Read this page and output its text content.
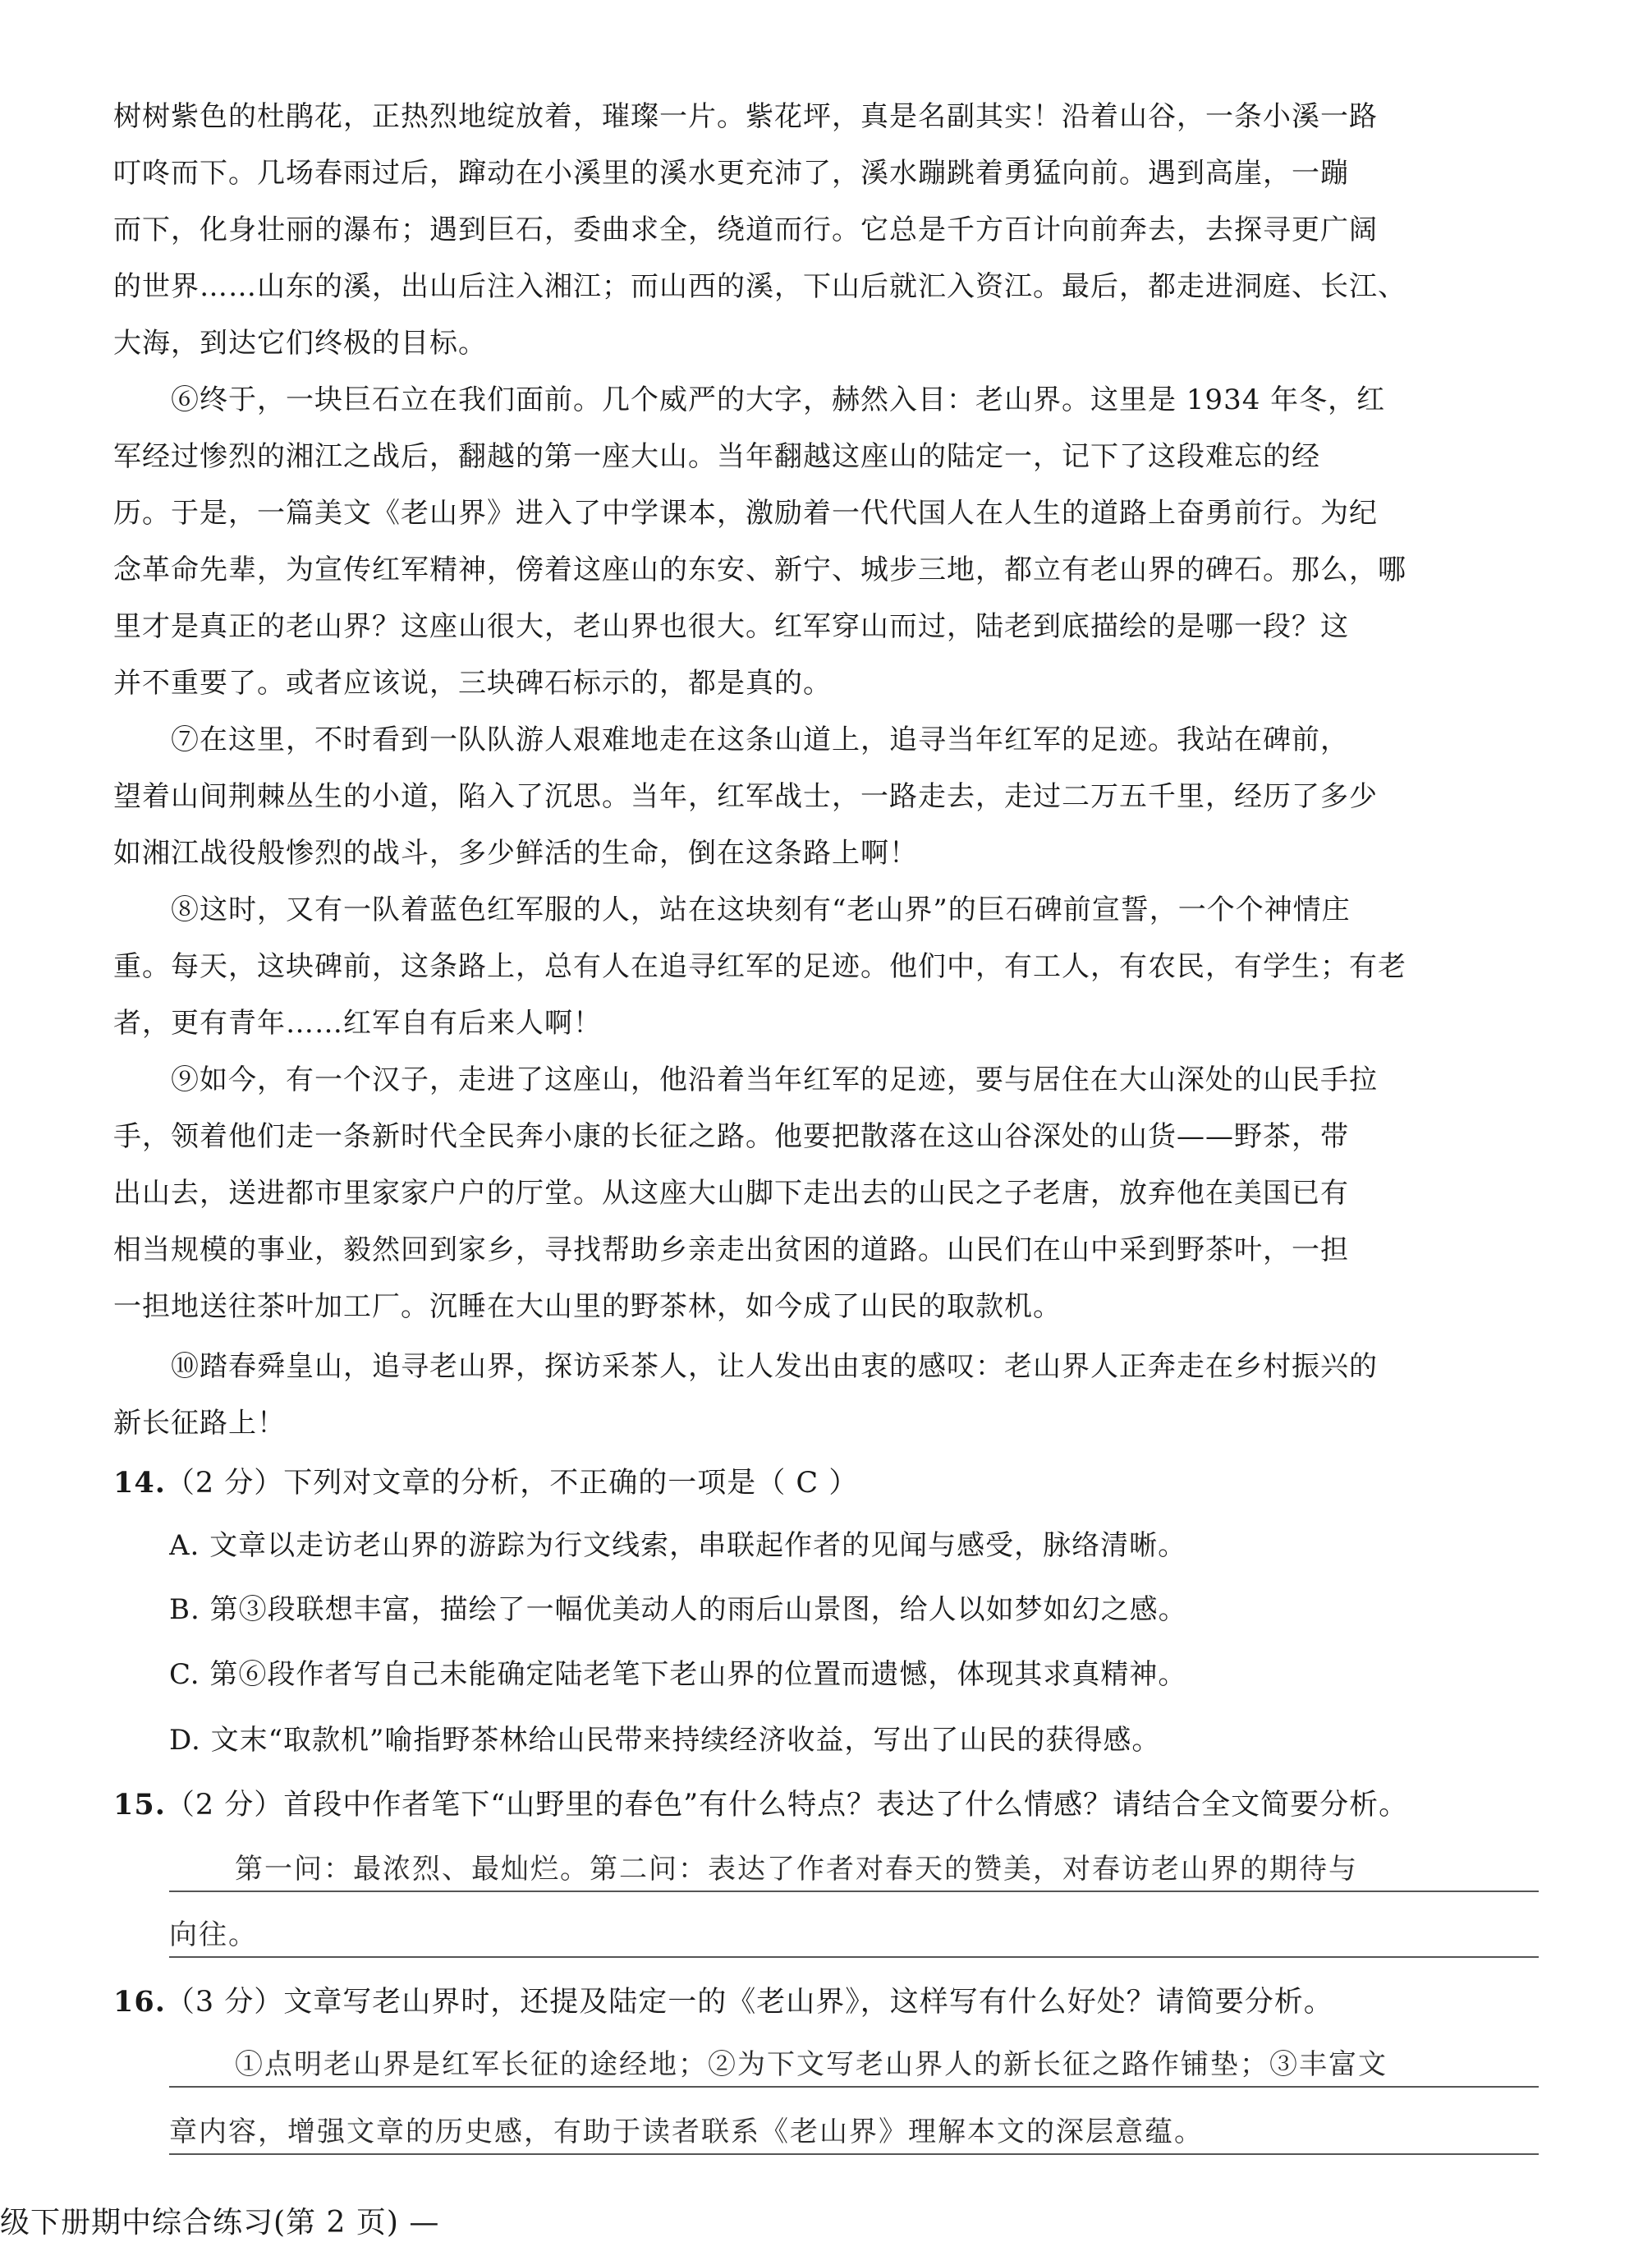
树树紫色的杜鹃花，正热烈地绽放着，璀璨一片。紫花坪，真是名副其实！沿着山谷，一条小溪一路
叮咚而下。几场春雨过后，蹿动在小溪里的溪水更充沛了，溪水蹦跳着勇猛向前。遇到高崖，一蹦
而下，化身壮丽的瀑布；遇到巨石，委曲求全，绕道而行。它总是千方百计向前奔去，去探寻更广阔
的世界……山东的溪，出山后注入湘江；而山西的溪，下山后就汇入资江。最后，都走进洞庭、长江、
大海，到达它们终极的目标。
⑥终于，一块巨石立在我们面前。几个威严的大字，赫然入目：老山界。这里是 1934 年冬，红
军经过惨烈的湘江之战后，翻越的第一座大山。当年翻越这座山的陆定一，记下了这段难忘的经
历。于是，一篇美文《老山界》进入了中学课本，激励着一代代国人在人生的道路上奋勇前行。为纪
念革命先辈，为宣传红军精神，傍着这座山的东安、新宁、城步三地，都立有老山界的碑石。那么，哪
里才是真正的老山界？这座山很大，老山界也很大。红军穿山而过，陆老到底描绘的是哪一段？这
并不重要了。或者应该说，三块碑石标示的，都是真的。
⑦在这里，不时看到一队队游人艰难地走在这条山道上，追寻当年红军的足迹。我站在碑前，
望着山间荆棘丛生的小道，陷入了沉思。当年，红军战士，一路走去，走过二万五千里，经历了多少
如湘江战役般惨烈的战斗，多少鲜活的生命，倒在这条路上啊！
⑧这时，又有一队着蓝色红军服的人，站在这块刻有“老山界”的巨石碑前宣誓，一个个神情庄
重。每天，这块碑前，这条路上，总有人在追寻红军的足迹。他们中，有工人，有农民，有学生；有老
者，更有青年……红军自有后来人啊！
⑨如今，有一个汉子，走进了这座山，他沿着当年红军的足迹，要与居住在大山深处的山民手拉
手，领着他们走一条新时代全民奔小康的长征之路。他要把散落在这山谷深处的山货——野茶，带
出山去，送进都市里家家户户的厅堂。从这座大山脚下走出去的山民之子老唐，放弃他在美国已有
相当规模的事业，毅然回到家乡，寻找帮助乡亲走出贫困的道路。山民们在山中采到野茶叶，一担
一担地送往茶叶加工厂。沉睡在大山里的野茶林，如今成了山民的取款机。
⑩踏春舜皇山，追寻老山界，探访采茶人，让人发出由衷的感叹：老山界人正奔走在乡村振兴的
新长征路上！
14.（2 分）下列对文章的分析，不正确的一项是（ C ）
A. 文章以走访老山界的游踪为行文线索，串联起作者的见闻与感受，脉络清晰。
B. 第③段联想丰富，描绘了一幅优美动人的雨后山景图，给人以如梦如幻之感。
C. 第⑥段作者写自己未能确定陆老笔下老山界的位置而遗憾，体现其求真精神。
D. 文末“取款机”喻指野茶林给山民带来持续经济收益，写出了山民的获得感。
15.（2 分）首段中作者笔下“山野里的春色”有什么特点？表达了什么情感？请结合全文简要分析。
第一问：最浓烈、最灿烂。第二问：表达了作者对春天的赞美，对春访老山界的期待与
向往。
16.（3 分）文章写老山界时，还提及陆定一的《老山界》，这样写有什么好处？请简要分析。
①点明老山界是红军长征的途经地；②为下文写老山界人的新长征之路作铺垫；③丰富文
章内容，增强文章的历史感，有助于读者联系《老山界》理解本文的深层意蕴。
级下册期中综合练习(第 2 页) —
